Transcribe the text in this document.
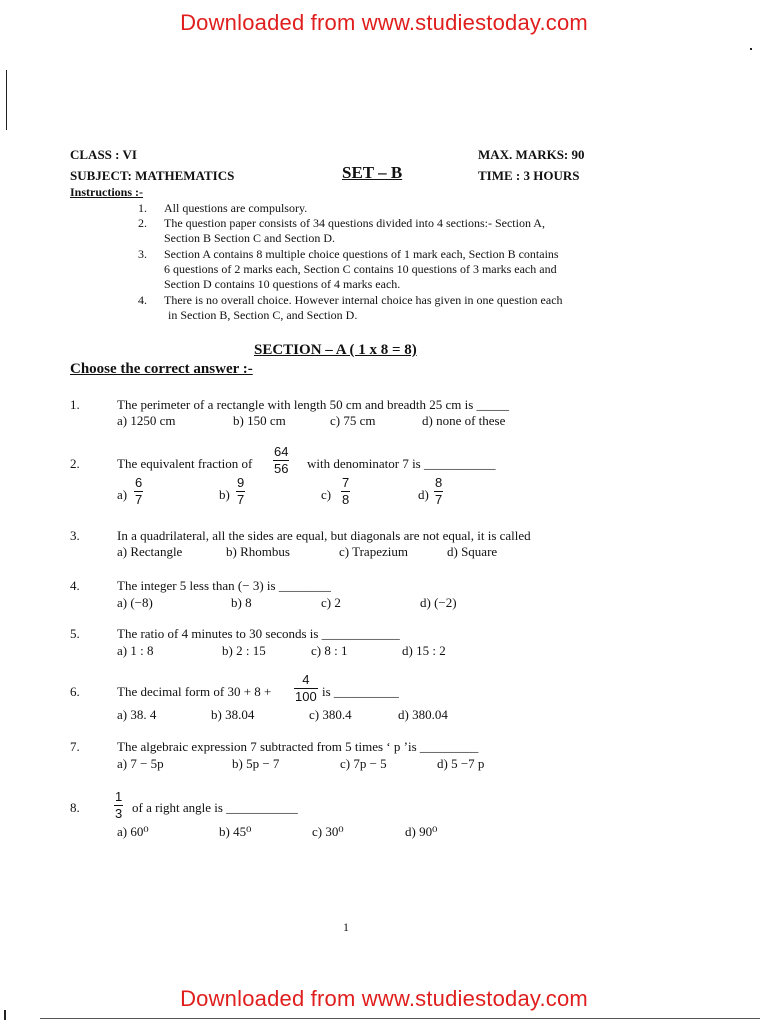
Downloaded from www.studiestoday.com
Downloaded from www.studiestoday.com
CLASS : VI	MAX. MARKS: 90
SUBJECT: MATHEMATICS	SET – B	TIME : 3 HOURS
Instructions :-
1. All questions are compulsory.
2. The question paper consists of 34 questions divided into 4 sections:- Section A,
Section B Section C and Section D.
3. Section A contains 8 multiple choice questions of 1 mark each, Section B contains
6 questions of 2 marks each, Section C contains 10 questions of 3 marks each and
Section D contains 10 questions of 4 marks each.
4. There is no overall choice. However internal choice has given in one question each
in Section B, Section C, and Section D.
SECTION – A ( 1 x 8 = 8)
Choose the correct answer :-
1.	The perimeter of a rectangle with length 50 cm and breadth 25 cm is _____
a) 1250 cm	b) 150 cm	c) 75 cm	d) none of these
2.	The equivalent fraction of
64
56 with denominator 7 is ___________
a)
6
7	b)
9
7	c)
7
8	d)
8
7
3.	In a quadrilateral, all the sides are equal, but diagonals are not equal, it is called
a) Rectangle	b) Rhombus	c) Trapezium	d) Square
4.	The integer 5 less than (− 3) is ________
a) (−8)	b) 8	c) 2	d) (−2)
5.	The ratio of 4 minutes to 30 seconds is ____________
a) 1 : 8	b) 2 : 15	c) 8 : 1	d) 15 : 2
6.	The decimal form of 30 + 8 +
4
100 is __________
a) 38. 4	b) 38.04	c) 380.4	d) 380.04
7.	The algebraic expression 7 subtracted from 5 times ‘ p ’is _________
a) 7 − 5p	b) 5p − 7	c) 7p − 5	d) 5 −7 p
8.
1
3 of a right angle is ___________
a) 60⁰	b) 45⁰	c) 30⁰	d) 90⁰
1
